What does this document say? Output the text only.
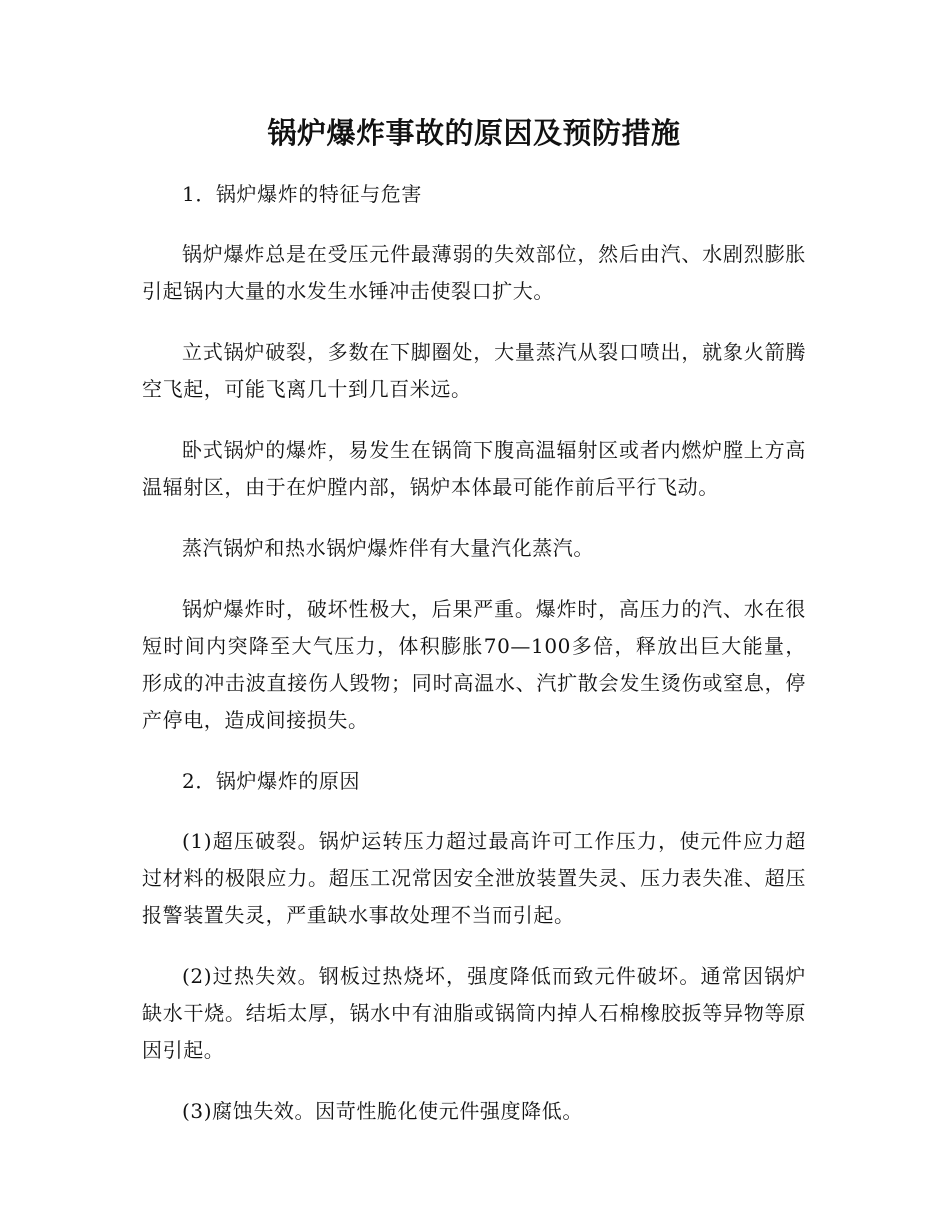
锅炉爆炸事故的原因及预防措施

1．锅炉爆炸的特征与危害

锅炉爆炸总是在受压元件最薄弱的失效部位，然后由汽、水剧烈膨胀引起锅内大量的水发生水锤冲击使裂口扩大。

立式锅炉破裂，多数在下脚圈处，大量蒸汽从裂口喷出，就象火箭腾空飞起，可能飞离几十到几百米远。

卧式锅炉的爆炸，易发生在锅筒下腹高温辐射区或者内燃炉膛上方高温辐射区，由于在炉膛内部，锅炉本体最可能作前后平行飞动。

蒸汽锅炉和热水锅炉爆炸伴有大量汽化蒸汽。

锅炉爆炸时，破坏性极大，后果严重。爆炸时，高压力的汽、水在很短时间内突降至大气压力，体积膨胀70—100多倍，释放出巨大能量，形成的冲击波直接伤人毁物；同时高温水、汽扩散会发生烫伤或窒息，停产停电，造成间接损失。

2．锅炉爆炸的原因

(1)超压破裂。锅炉运转压力超过最高许可工作压力，使元件应力超过材料的极限应力。超压工况常因安全泄放装置失灵、压力表失准、超压报警装置失灵，严重缺水事故处理不当而引起。

(2)过热失效。钢板过热烧坏，强度降低而致元件破坏。通常因锅炉缺水干烧。结垢太厚，锅水中有油脂或锅筒内掉人石棉橡胶扳等异物等原因引起。

(3)腐蚀失效。因苛性脆化使元件强度降低。
